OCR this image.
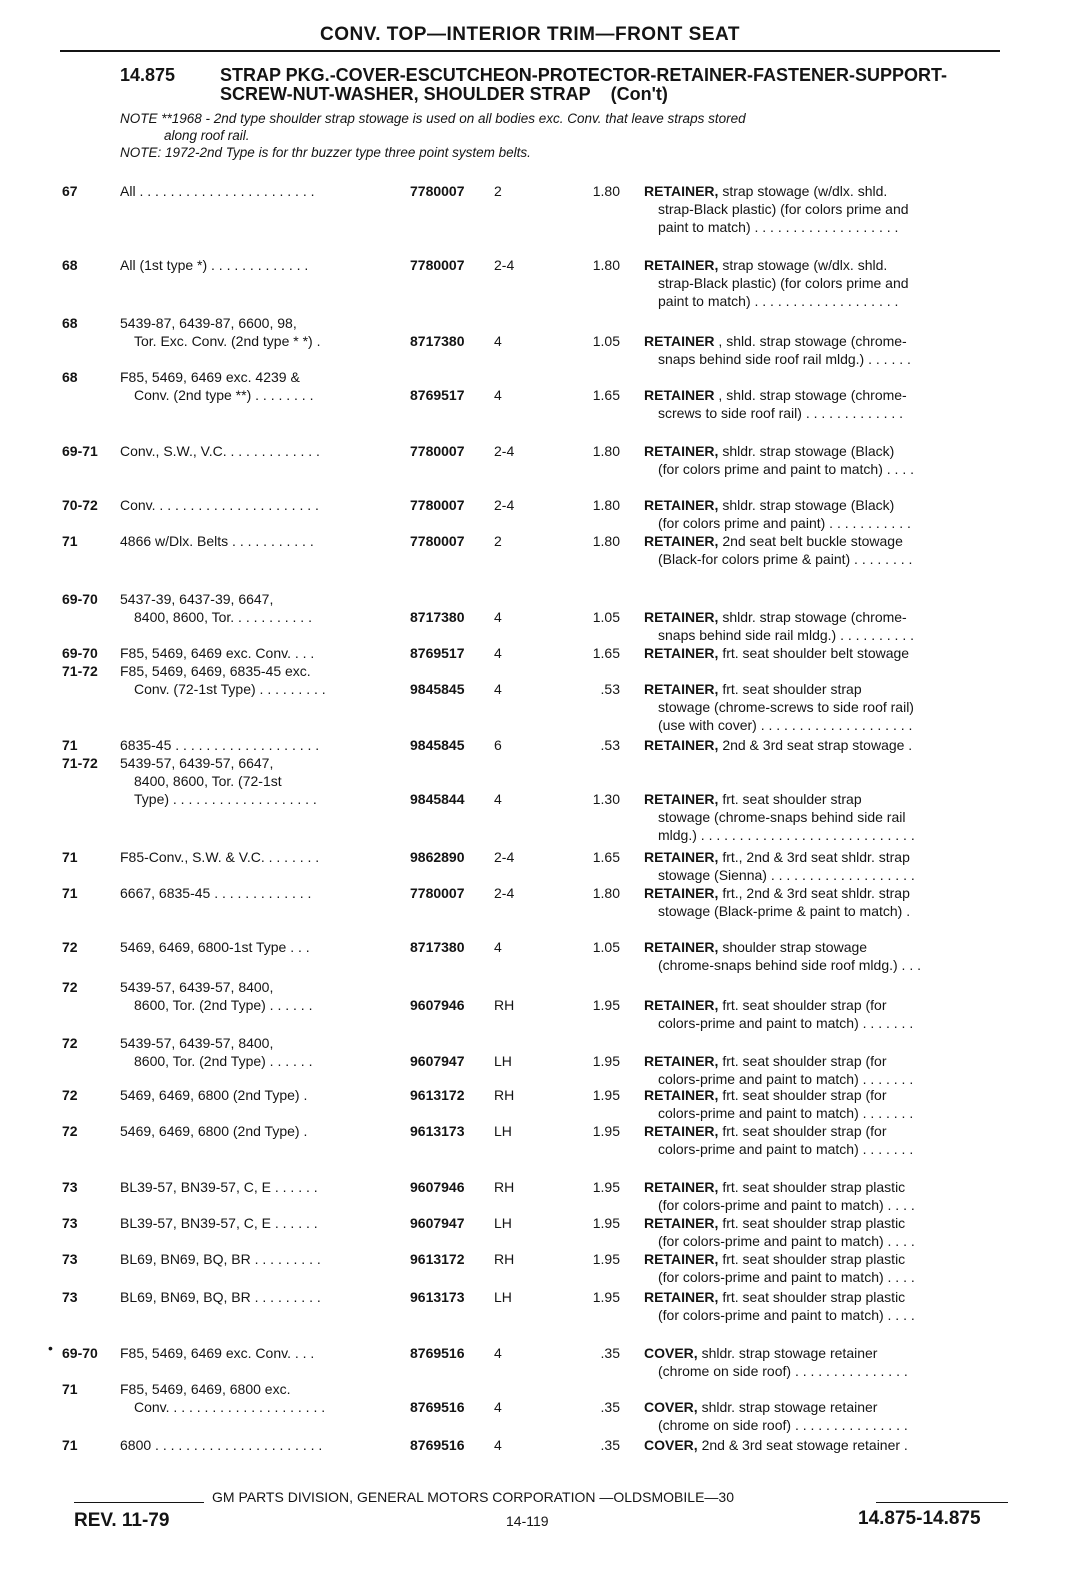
CONV. TOP—INTERIOR TRIM—FRONT SEAT
14.875 STRAP PKG.-COVER-ESCUTCHEON-PROTECTOR-RETAINER-FASTENER-SUPPORT-SCREW-NUT-WASHER, SHOULDER STRAP    (Con't)
NOTE **1968 - 2nd type shoulder strap stowage is used on all bodies exc. Conv. that leave straps stored
along roof rail.
NOTE: 1972-2nd Type is for thr buzzer type three point system belts.
67	All . . . . . . . . . . . . . . . . . . . . . . .	7780007 2	1.80 RETAINER, strap stowage (w/dlx. shld.
strap-Black plastic) (for colors prime and
paint to match) . . . . . . . . . . . . . . . . . . .
68	All (1st type *) . . . . . . . . . . . . .	7780007 2-4	1.80 RETAINER, strap stowage (w/dlx. shld.
strap-Black plastic) (for colors prime and
paint to match) . . . . . . . . . . . . . . . . . . .
68	5439-87, 6439-87, 6600, 98,
Tor. Exc. Conv. (2nd type * *) .	8717380 4	1.05 RETAINER , shld. strap stowage (chrome-
snaps behind side roof rail mldg.) . . . . . .
68	F85, 5469, 6469 exc. 4239 &
Conv. (2nd type **) . . . . . . . .	8769517 4	1.65 RETAINER , shld. strap stowage (chrome-
screws to side roof rail) . . . . . . . . . . . . .
69-71 Conv., S.W., V.C. . . . . . . . . . . . .	7780007 2-4	1.80 RETAINER, shldr. strap stowage (Black)
(for colors prime and paint to match) . . . .
70-72 Conv. . . . . . . . . . . . . . . . . . . . . .	7780007 2-4	1.80 RETAINER, shldr. strap stowage (Black)
(for colors prime and paint) . . . . . . . . . . .
71	4866 w/Dlx. Belts . . . . . . . . . . .	7780007 2	1.80 RETAINER, 2nd seat belt buckle stowage
(Black-for colors prime & paint) . . . . . . . .
69-70 5437-39, 6437-39, 6647,
8400, 8600, Tor. . . . . . . . . . .	8717380 4	1.05 RETAINER, shldr. strap stowage (chrome-
snaps behind side rail mldg.) . . . . . . . . . .
69-70 F85, 5469, 6469 exc. Conv. . . .	8769517 4	1.65 RETAINER, frt. seat shoulder belt stowage
71-72 F85, 5469, 6469, 6835-45 exc.
Conv. (72-1st Type) . . . . . . . . .	9845845 4	.53 RETAINER, frt. seat shoulder strap
stowage (chrome-screws to side roof rail)
(use with cover) . . . . . . . . . . . . . . . . . . . .
71	6835-45 . . . . . . . . . . . . . . . . . . .	9845845 6	.53 RETAINER, 2nd & 3rd seat strap stowage .
71-72 5439-57, 6439-57, 6647,
8400, 8600, Tor. (72-1st
Type) . . . . . . . . . . . . . . . . . . .	9845844 4	1.30 RETAINER, frt. seat shoulder strap
stowage (chrome-snaps behind side rail
mldg.) . . . . . . . . . . . . . . . . . . . . . . . . . . . .
71	F85-Conv., S.W. & V.C. . . . . . . .	9862890 2-4	1.65 RETAINER, frt., 2nd & 3rd seat shldr. strap
stowage (Sienna) . . . . . . . . . . . . . . . . . . .
71	6667, 6835-45 . . . . . . . . . . . . .	7780007 2-4	1.80 RETAINER, frt., 2nd & 3rd seat shldr. strap
stowage (Black-prime & paint to match) .
72	5469, 6469, 6800-1st Type . . .	8717380 4	1.05 RETAINER, shoulder strap stowage
(chrome-snaps behind side roof mldg.) . . .
72	5439-57, 6439-57, 8400,
8600, Tor. (2nd Type) . . . . . .	9607946 RH	1.95 RETAINER, frt. seat shoulder strap (for
colors-prime and paint to match) . . . . . . .
72	5439-57, 6439-57, 8400,
8600, Tor. (2nd Type) . . . . . .	9607947 LH	1.95 RETAINER, frt. seat shoulder strap (for
colors-prime and paint to match) . . . . . . .
72	5469, 6469, 6800 (2nd Type) .	9613172 RH	1.95 RETAINER, frt. seat shoulder strap (for
colors-prime and paint to match) . . . . . . .
72	5469, 6469, 6800 (2nd Type) .	9613173 LH	1.95 RETAINER, frt. seat shoulder strap (for
colors-prime and paint to match) . . . . . . .
73	BL39-57, BN39-57, C, E . . . . . .	9607946 RH	1.95 RETAINER, frt. seat shoulder strap plastic
(for colors-prime and paint to match) . . . .
73	BL39-57, BN39-57, C, E . . . . . .	9607947 LH	1.95 RETAINER, frt. seat shoulder strap plastic
(for colors-prime and paint to match) . . . .
73	BL69, BN69, BQ, BR . . . . . . . . .	9613172 RH	1.95 RETAINER, frt. seat shoulder strap plastic
(for colors-prime and paint to match) . . . .
73	BL69, BN69, BQ, BR . . . . . . . . .	9613173 LH	1.95 RETAINER, frt. seat shoulder strap plastic
(for colors-prime and paint to match) . . . .
69-70 F85, 5469, 6469 exc. Conv. . . .	8769516 4	.35 COVER, shldr. strap stowage retainer
(chrome on side roof) . . . . . . . . . . . . . . .
71	F85, 5469, 6469, 6800 exc.
Conv. . . . . . . . . . . . . . . . . . . . .	8769516 4	.35 COVER, shldr. strap stowage retainer
(chrome on side roof) . . . . . . . . . . . . . . .
71	6800 . . . . . . . . . . . . . . . . . . . . . .	8769516 4	.35 COVER, 2nd & 3rd seat stowage retainer .
•
GM PARTS DIVISION, GENERAL MOTORS CORPORATION —OLDSMOBILE—30
REV. 11-79	14-119	14.875-14.875
